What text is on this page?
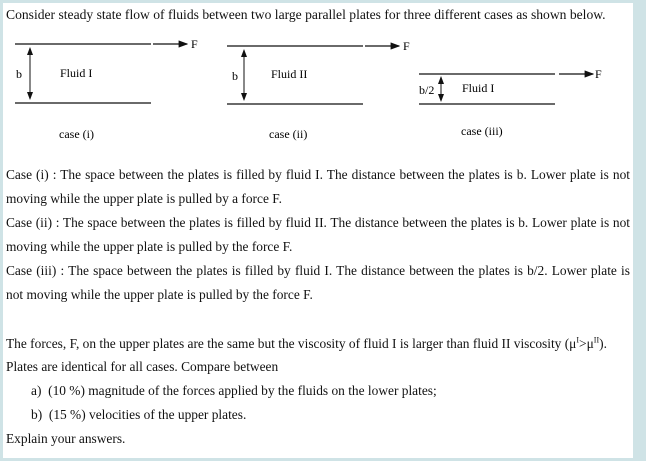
Consider steady state flow of fluids between two large parallel plates for three different cases as shown below.
F
b	Fluid I
case (i)
F
b	Fluid II
case (ii)
F
b/2 Fluid I
case (iii)

Case (i) : The space between the plates is filled by fluid I. The distance between the plates is b. Lower plate is not moving while the upper plate is pulled by a force F.

Case (ii) : The space between the plates is filled by fluid II. The distance between the plates is b. Lower plate is not moving while the upper plate is pulled by the force F.

Case (iii) : The space between the plates is filled by fluid I. The distance between the plates is b/2. Lower plate is not moving while the upper plate is pulled by the force F.

The forces, F, on the upper plates are the same but the viscosity of fluid I is larger than fluid II viscosity $(\mu^I>\mu^{II})$.

Plates are identical for all cases. Compare between
a) (10 %) magnitude of the forces applied by the fluids on the lower plates;
b) (15 %) velocities of the upper plates.
Explain your answers.
